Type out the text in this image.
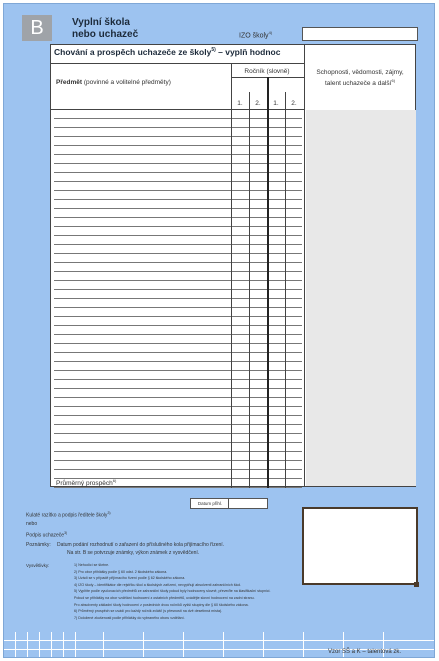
B	Vyplní škola
nebo uchazeč	IZO školy$^{4)}$
Chování a prospěch uchazeče ze školy$^{5)}$ – vyplň hodnoc
Předmět (povinné a volitelné předměty)
Ročník (slovně)
1.	2.	1.	2.
Schopnosti, vědomosti, zájmy,
talent uchazeče a další$^{6)}$
Průměrný prospěch$^{6)}$
Datum přihl.
Kulaté razítko a podpis ředitele školy$^{3)}$
nebo
Podpis uchazeče$^{3)}$
Poznámky: Datum podání rozhodnutí o zařazení do příslušného kola přijímacího řízení.
Na str. B se potvrzuje známky, výkon známek z vysvědčení.
Vysvětlivky:	1) Nehodící se škrtne.
2) Pro obor přihlášky podle § 60 odst. 2 školského zákona.
3) Uvádí se v případě přijímacího řízení podle § 62 školského zákona.
4) IZO školy – identifikátor dle rejstříku škol a školských zařízení, nevyplňují absolventi zahraničních škol.
5) Vyplňte podle vyučovacích předmětů ze zahraniční školy pokud byly hodnoceny slovně, převeďte na klasifikační stupnici.
Pokud se přihlášky na obor vzdělání hodnocení z ostatních předmětů, uvádějte slovní hodnocení na zadní stranu.
Pro absolventy základní školy hodnocení z posledních dvou ročníků vyšší skupiny dle § 60 školského zákona.
6) Průměrný prospěch se uvádí pro každý ročník zvlášť (s přesností na dvě desetinná místa).
7) Doložené zkušenosti podle přihlášky do vybraného oboru vzdělání.
Vzor SŠ a K – talentová zk.
